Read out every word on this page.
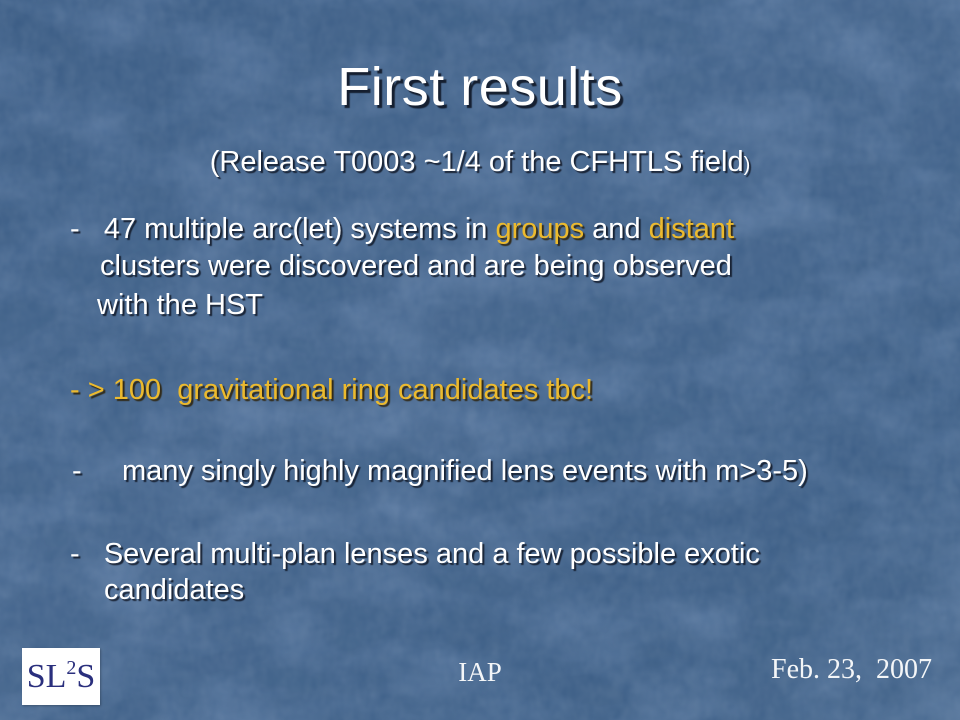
First results
(Release T0003 ~1/4 of the CFHTLS field)
-   47 multiple arc(let) systems in groups and distant
clusters were discovered and are being observed
with the HST
- > 100  gravitational ring candidates tbc!
-     many singly highly magnified lens events with m>3-5)
-   Several multi-plan lenses and a few possible exotic
candidates
$SL^2$ S	IAP	Feb. 23,  2007
